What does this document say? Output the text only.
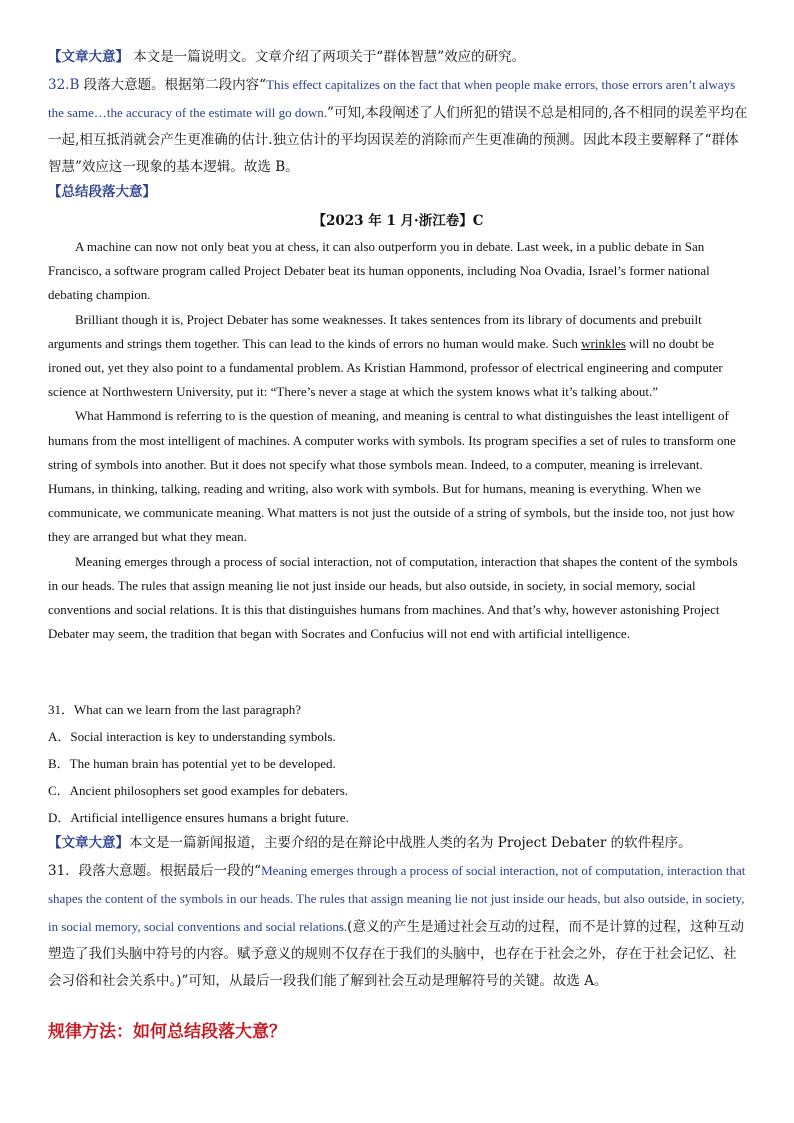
【文章大意】 本文是一篇说明文。文章介绍了两项关于“群体智慧”效应的研究。

32.B 段落大意题。根据第二段内容“This effect capitalizes on the fact that when people make errors, those errors aren’t always the same…the accuracy of the estimate will go down.”可知,本段阐述了人们所犯的错误不总是相同的,各不相同的误差平均在一起,相互抵消就会产生更准确的估计.独立估计的平均因误差的消除而产生更准确的预测。因此本段主要解释了“群体智慧”效应这一现象的基本逻辑。故选 B。

【总结段落大意】

【2023 年 1 月·浙江卷】C

A machine can now not only beat you at chess, it can also outperform you in debate. Last week, in a public debate in San Francisco, a software program called Project Debater beat its human opponents, including Noa Ovadia, Israel’s former national debating champion.

Brilliant though it is, Project Debater has some weaknesses. It takes sentences from its library of documents and prebuilt arguments and strings them together. This can lead to the kinds of errors no human would make. Such wrinkles will no doubt be ironed out, yet they also point to a fundamental problem. As Kristian Hammond, professor of electrical engineering and computer science at Northwestern University, put it: “There’s never a stage at which the system knows what it’s talking about.”

What Hammond is referring to is the question of meaning, and meaning is central to what distinguishes the least intelligent of humans from the most intelligent of machines. A computer works with symbols. Its program specifies a set of rules to transform one string of symbols into another. But it does not specify what those symbols mean. Indeed, to a computer, meaning is irrelevant. Humans, in thinking, talking, reading and writing, also work with symbols. But for humans, meaning is everything. When we communicate, we communicate meaning. What matters is not just the outside of a string of symbols, but the inside too, not just how they are arranged but what they mean.

Meaning emerges through a process of social interaction, not of computation, interaction that shapes the content of the symbols in our heads. The rules that assign meaning lie not just inside our heads, but also outside, in society, in social memory, social conventions and social relations. It is this that distinguishes humans from machines. And that’s why, however astonishing Project Debater may seem, the tradition that began with Socrates and Confucius will not end with artificial intelligence.

31．What can we learn from the last paragraph?

A．Social interaction is key to understanding symbols.

B．The human brain has potential yet to be developed.

C．Ancient philosophers set good examples for debaters.

D．Artificial intelligence ensures humans a bright future.

【文章大意】本文是一篇新闻报道，主要介绍的是在辩论中战胜人类的名为 Project Debater 的软件程序。

31．段落大意题。根据最后一段的“Meaning emerges through a process of social interaction, not of computation, interaction that shapes the content of the symbols in our heads. The rules that assign meaning lie not just inside our heads, but also outside, in society, in social memory, social conventions and social relations.(意义的产生是通过社会互动的过程，而不是计算的过程，这种互动塑造了我们头脑中符号的内容。赋予意义的规则不仅存在于我们的头脑中，也存在于社会之外，存在于社会记忆、社会习俗和社会关系中。)”可知，从最后一段我们能了解到社会互动是理解符号的关键。故选 A。

规律方法：如何总结段落大意？
